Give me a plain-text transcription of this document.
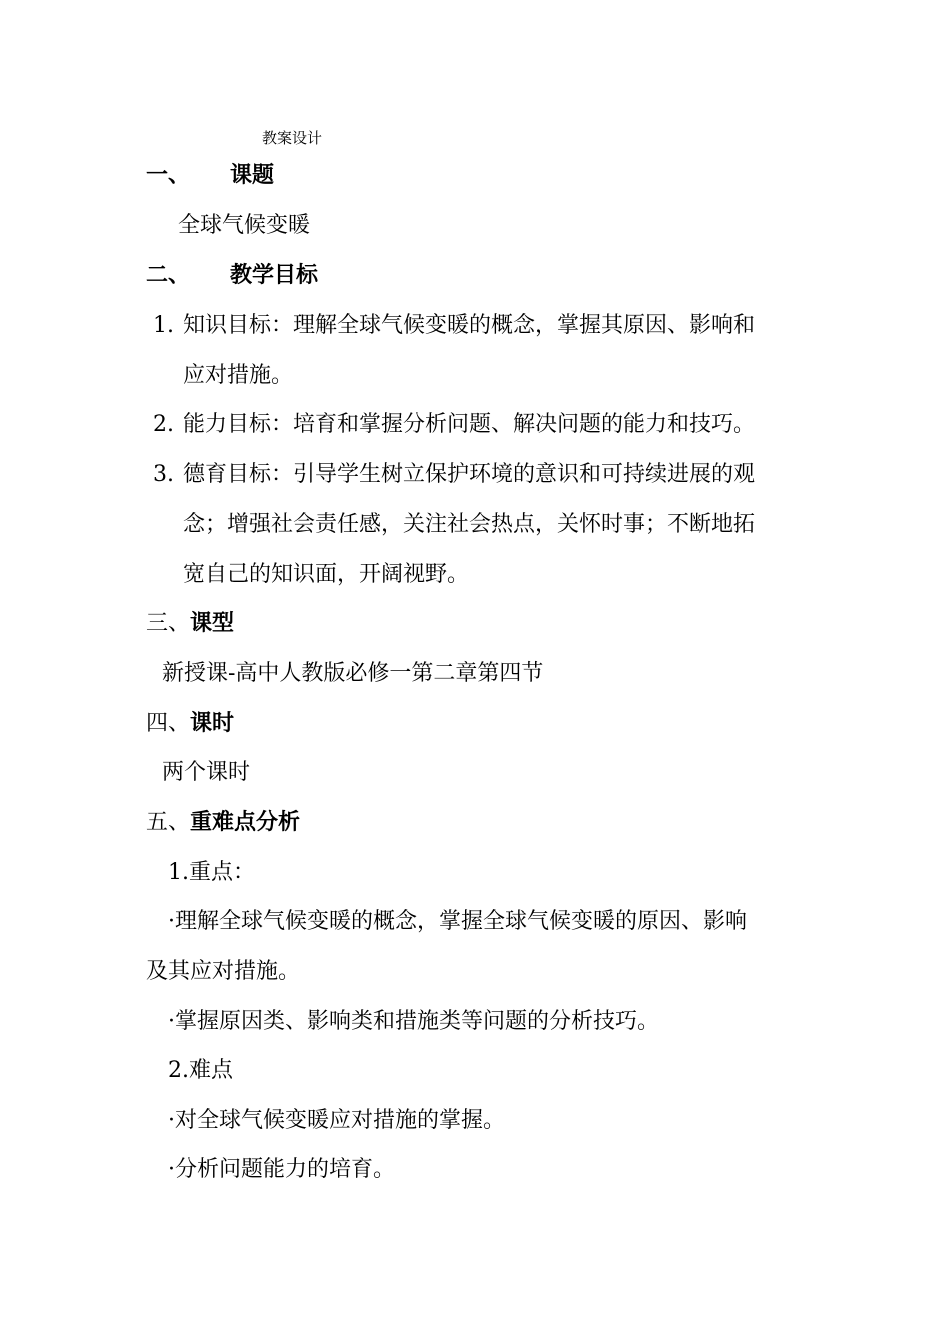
教案设计
一、 课题
全球气候变暖
二、 教学目标
1. 知识目标：理解全球气候变暖的概念，掌握其原因、影响和
应对措施。
2. 能力目标：培育和掌握分析问题、解决问题的能力和技巧。
3. 德育目标：引导学生树立保护环境的意识和可持续进展的观
念；增强社会责任感，关注社会热点，关怀时事；不断地拓
宽自己的知识面，开阔视野。
三、课型
新授课-高中人教版必修一第二章第四节
四、课时
两个课时
五、重难点分析
1.重点：
·理解全球气候变暖的概念，掌握全球气候变暖的原因、影响
及其应对措施。
·掌握原因类、影响类和措施类等问题的分析技巧。
2.难点
·对全球气候变暖应对措施的掌握。
·分析问题能力的培育。
